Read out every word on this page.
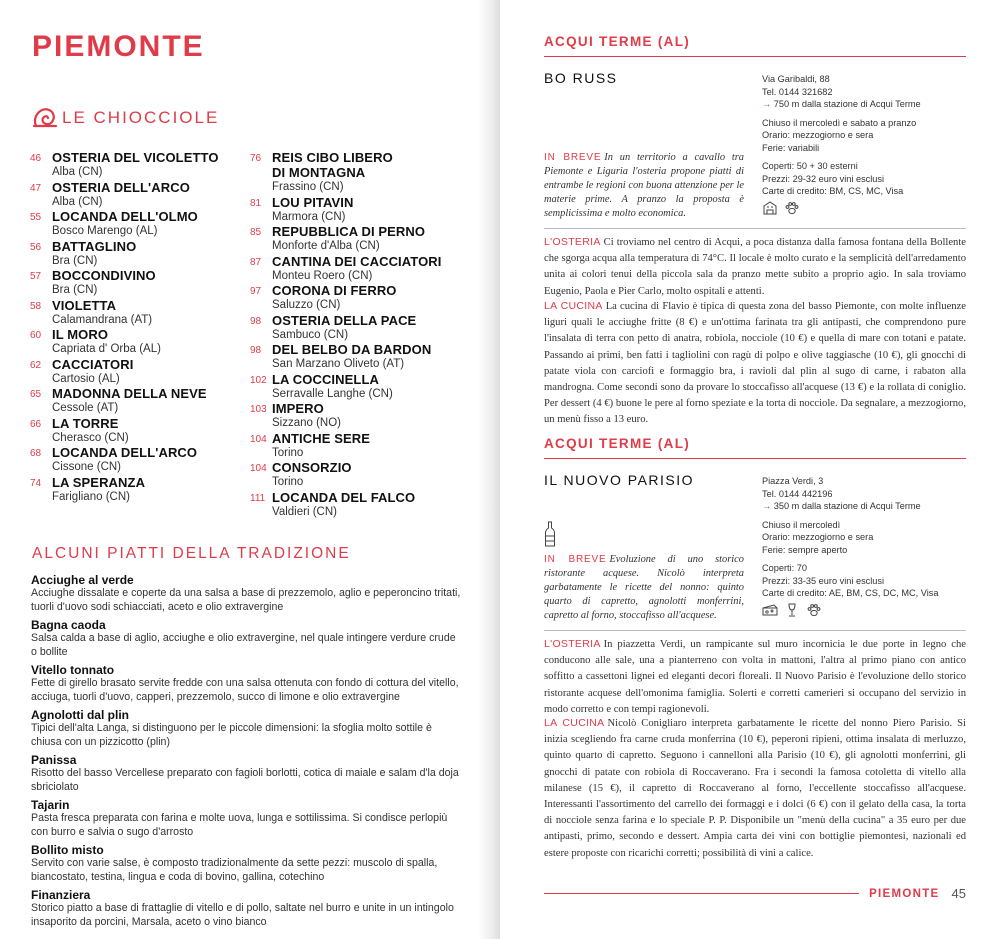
PIEMONTE
LE CHIOCCIOLE
46 OSTERIA DEL VICOLETTO
Alba (CN)
47 OSTERIA DELL'ARCO
Alba (CN)
55 LOCANDA DELL'OLMO
Bosco Marengo (AL)
56 BATTAGLINO
Bra (CN)
57 BOCCONDIVINO
Bra (CN)
58 VIOLETTA
Calamandrana (AT)
60 IL MORO
Capriata d' Orba (AL)
62 CACCIATORI
Cartosio (AL)
65 MADONNA DELLA NEVE
Cessole (AT)
66 LA TORRE
Cherasco (CN)
68 LOCANDA DELL'ARCO
Cissone (CN)
74 LA SPERANZA
Farigliano (CN)
76 REIS CIBO LIBERO DI MONTAGNA
Frassino (CN)
81 LOU PITAVIN
Marmora (CN)
85 REPUBBLICA DI PERNO
Monforte d'Alba (CN)
87 CANTINA DEI CACCIATORI
Monteu Roero (CN)
97 CORONA DI FERRO
Saluzzo (CN)
98 OSTERIA DELLA PACE
Sambuco (CN)
98 DEL BELBO DA BARDON
San Marzano Oliveto (AT)
102 LA COCCINELLA
Serravalle Langhe (CN)
103 IMPERO
Sizzano (NO)
104 ANTICHE SERE
Torino
104 CONSORZIO
Torino
111 LOCANDA DEL FALCO
Valdieri (CN)
ALCUNI PIATTI DELLA TRADIZIONE
Acciughe al verde
Acciughe dissalate e coperte da una salsa a base di prezzemolo, aglio e peperoncino tritati, tuorli d'uovo sodi schiacciati, aceto e olio extravergine
Bagna caoda
Salsa calda a base di aglio, acciughe e olio extravergine, nel quale intingere verdure crude o bollite
Vitello tonnato
Fette di girello brasato servite fredde con una salsa ottenuta con fondo di cottura del vitello, acciuga, tuorli d'uovo, capperi, prezzemolo, succo di limone e olio extravergine
Agnolotti dal plin
Tipici dell'alta Langa, si distinguono per le piccole dimensioni: la sfoglia molto sottile è chiusa con un pizzicotto (plin)
Panissa
Risotto del basso Vercellese preparato con fagioli borlotti, cotica di maiale e salam d'la doja sbriciolato
Tajarin
Pasta fresca preparata con farina e molte uova, lunga e sottilissima. Si condisce perlopiù con burro e salvia o sugo d'arrosto
Bollito misto
Servito con varie salse, è composto tradizionalmente da sette pezzi: muscolo di spalla, biancostato, testina, lingua e coda di bovino, gallina, cotechino
Finanziera
Storico piatto a base di frattaglie di vitello e di pollo, saltate nel burro e unite in un intingolo insaporito da porcini, Marsala, aceto o vino bianco
ACQUI TERME (AL)
BO RUSS	Via Garibaldi, 88
Tel. 0144 321682
→ 750 m dalla stazione di Acqui Terme
Chiuso il mercoledì e sabato a pranzo
Orario: mezzogiorno e sera
Ferie: variabili
Coperti: 50 + 30 esterni
Prezzi: 29-32 euro vini esclusi
Carte di credito: BM, CS, MC, Visa
IN BREVE In un territorio a cavallo tra Piemonte e Liguria l'osteria propone piatti di entrambe le regioni con buona attenzione per le materie prime. A pranzo la proposta è semplicissima e molto economica.
L'OSTERIA Ci troviamo nel centro di Acqui, a poca distanza dalla famosa fontana della Bollente che sgorga acqua alla temperatura di 74°C. Il locale è molto curato e la semplicità dell'arredamento unita ai colori tenui della piccola sala da pranzo mette subito a proprio agio. In sala troviamo Eugenio, Paola e Pier Carlo, molto ospitali e attenti.
LA CUCINA La cucina di Flavio è tipica di questa zona del basso Piemonte, con molte influenze liguri quali le acciughe fritte (8 €) e un'ottima farinata tra gli antipasti, che comprendono pure l'insalata di terra con petto di anatra, robiola, nocciole (10 €) e quella di mare con totani e patate. Passando ai primi, ben fatti i tagliolini con ragù di polpo e olive taggiasche (10 €), gli gnocchi di patate viola con carciofi e formaggio bra, i ravioli dal plin al sugo di carne, i rabaton alla mandrogna. Come secondi sono da provare lo stoccafisso all'acquese (13 €) e la rollata di coniglio. Per dessert (4 €) buone le pere al forno speziate e la torta di nocciole. Da segnalare, a mezzogiorno, un menù fisso a 13 euro.
ACQUI TERME (AL)
IL NUOVO PARISIO	Piazza Verdi, 3
Tel. 0144 442196
→ 350 m dalla stazione di Acqui Terme
Chiuso il mercoledì
Orario: mezzogiorno e sera
Ferie: sempre aperto
Coperti: 70
Prezzi: 33-35 euro vini esclusi
Carte di credito: AE, BM, CS, DC, MC, Visa
IN BREVE Evoluzione di uno storico ristorante acquese. Nicolò interpreta garbatamente le ricette del nonno: quinto quarto di capretto, agnolotti monferrini, capretto al forno, stoccafisso all'acquese.
L'OSTERIA In piazzetta Verdi, un rampicante sul muro incornicia le due porte in legno che conducono alle sale, una a pianterreno con volta in mattoni, l'altra al primo piano con antico soffitto a cassettoni lignei ed eleganti decori floreali. Il Nuovo Parisio è l'evoluzione dello storico ristorante acquese dell'omonima famiglia. Solerti e corretti camerieri si occupano del servizio in modo corretto e con tempi ragionevoli.
LA CUCINA Nicolò Conigliaro interpreta garbatamente le ricette del nonno Piero Parisio. Si inizia scegliendo fra carne cruda monferrina (10 €), peperoni ripieni, ottima insalata di merluzzo, quinto quarto di capretto. Seguono i cannelloni alla Parisio (10 €), gli agnolotti monferrini, gli gnocchi di patate con robiola di Roccaverano. Fra i secondi la famosa cotoletta di vitello alla milanese (15 €), il capretto di Roccaverano al forno, l'eccellente stoccafisso all'acquese. Interessanti l'assortimento del carrello dei formaggi e i dolci (6 €) con il gelato della casa, la torta di nocciole senza farina e lo speciale P. P. Disponibile un "menù della cucina" a 35 euro per due antipasti, primo, secondo e dessert. Ampia carta dei vini con bottiglie piemontesi, nazionali ed estere proposte con ricarichi corretti; possibilità di vini a calice.
PIEMONTE 45
